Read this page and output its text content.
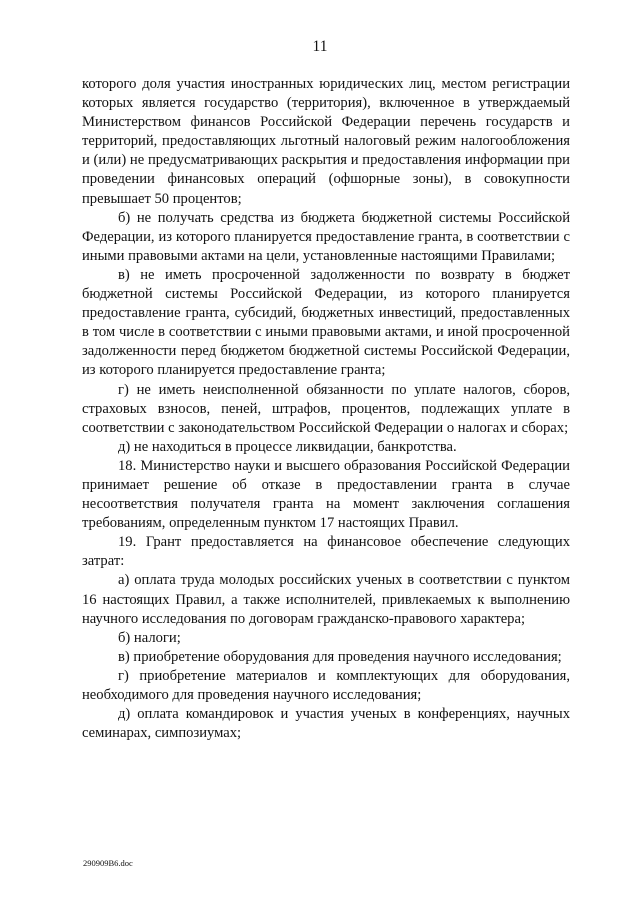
11

которого доля участия иностранных юридических лиц, местом регистрации которых является государство (территория), включенное в утверждаемый Министерством финансов Российской Федерации перечень государств и территорий, предоставляющих льготный налоговый режим налогообложения и (или) не предусматривающих раскрытия и предоставления информации при проведении финансовых операций (офшорные зоны), в совокупности превышает 50 процентов;

б) не получать средства из бюджета бюджетной системы Российской Федерации, из которого планируется предоставление гранта, в соответствии с иными правовыми актами на цели, установленные настоящими Правилами;

в) не иметь просроченной задолженности по возврату в бюджет бюджетной системы Российской Федерации, из которого планируется предоставление гранта, субсидий, бюджетных инвестиций, предоставленных в том числе в соответствии с иными правовыми актами, и иной просроченной задолженности перед бюджетом бюджетной системы Российской Федерации, из которого планируется предоставление гранта;

г) не иметь неисполненной обязанности по уплате налогов, сборов, страховых взносов, пеней, штрафов, процентов, подлежащих уплате в соответствии с законодательством Российской Федерации о налогах и сборах;

д) не находиться в процессе ликвидации, банкротства.

18. Министерство науки и высшего образования Российской Федерации принимает решение об отказе в предоставлении гранта в случае несоответствия получателя гранта на момент заключения соглашения требованиям, определенным пунктом 17 настоящих Правил.

19. Грант предоставляется на финансовое обеспечение следующих затрат:

а) оплата труда молодых российских ученых в соответствии с пунктом 16 настоящих Правил, а также исполнителей, привлекаемых к выполнению научного исследования по договорам гражданско-правового характера;

б) налоги;

в) приобретение оборудования для проведения научного исследования;

г) приобретение материалов и комплектующих для оборудования, необходимого для проведения научного исследования;

д) оплата командировок и участия ученых в конференциях, научных семинарах, симпозиумах;

290909В6.doc
